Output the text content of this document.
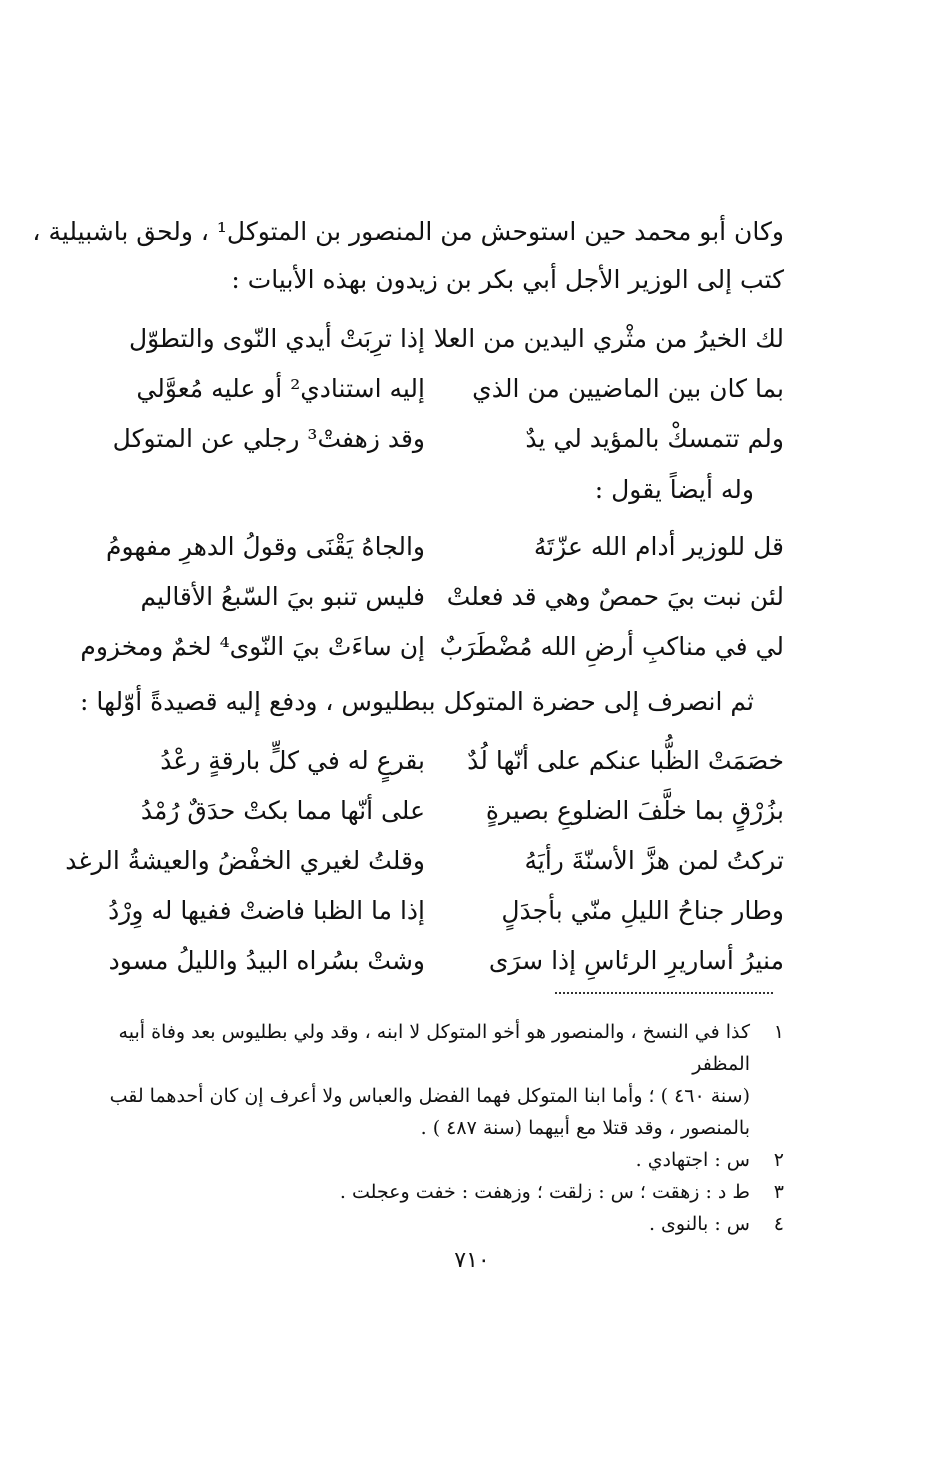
وكان أبو محمد حين استوحش من المنصور بن المتوكل¹ ، ولحق باشبيلية ،
كتب إلى الوزير الأجل أبي بكر بن زيدون بهذه الأبيات :
لك الخيرُ من مثْري اليدين من العلا
إذا ترِبَتْ أيدي النّوى والتطوّل
بما كان بين الماضيين من الذي
إليه استنادي² أو عليه مُعوَّلي
ولم تتمسكْ بالمؤيد لي يدٌ
وقد زهفتْ³ رجلي عن المتوكل
وله أيضاً يقول :
قل للوزير أدام الله عزّتَهُ
والجاهُ يَقْنَى وقولُ الدهرِ مفهومُ
لئن نبت بيَ حمصٌ وهي قد فعلتْ
فليس تنبو بيَ السّبعُ الأقاليم
لي في مناكبِ أرضِ الله مُضْطَرَبٌ
إن ساءَتْ بيَ النّوى⁴ لخمٌ ومخزوم
ثم انصرف إلى حضرة المتوكل ببطليوس ، ودفع إليه قصيدةً أوّلها :
خصَمَتْ الظُّبا عنكم على أنّها لُدٌ
بقرعٍ له في كلٍّ بارقةٍ رعْدُ
بزُرْقٍ بما خلَّفَ الضلوعِ بصيرةٍ
على أنّها مما بكتْ حدَقٌ رُمْدُ
تركتُ لمن هزَّ الأسنّةَ رأيَهُ
وقلتُ لغيري الخفْضُ والعيشةُ الرغد
وطار جناحُ الليلِ منّي بأجدَلٍ
إذا ما الظبا فاضتْ ففيها له وِرْدُ
منيرُ أساريرِ الرئاسِ إذا سرَى
وشتْ بسُراه البيدُ والليلُ مسود
١
كذا في النسخ ، والمنصور هو أخو المتوكل لا ابنه ، وقد ولي بطليوس بعد وفاة أبيه المظفر
(سنة ٤٦٠ ) ؛ وأما ابنا المتوكل فهما الفضل والعباس ولا أعرف إن كان أحدهما لقب
بالمنصور ، وقد قتلا مع أبيهما (سنة ٤٨٧ ) .
٢
س : اجتهادي .
٣
ط د : زهقت ؛ س : زلقت ؛ وزهفت : خفت وعجلت .
٤
س : بالنوى .
٧١٠
